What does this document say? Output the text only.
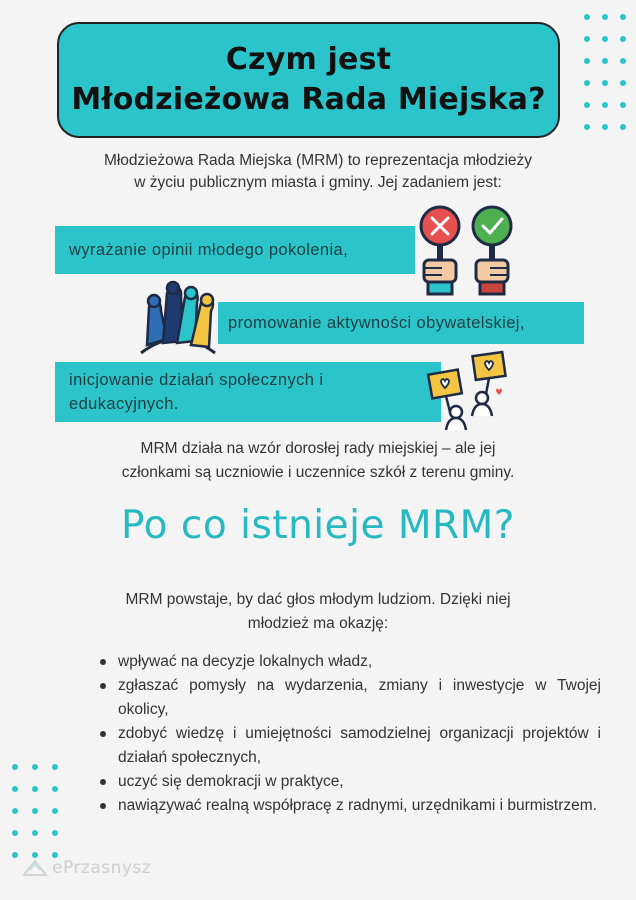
Czym jest
Młodzieżowa Rada Miejska?
Młodzieżowa Rada Miejska (MRM) to reprezentacja młodzieży
w życiu publicznym miasta i gminy. Jej zadaniem jest:
wyrażanie opinii młodego pokolenia,
promowanie aktywności obywatelskiej,
inicjowanie działań społecznych i
edukacyjnych.
MRM działa na wzór dorosłej rady miejskiej – ale jej
członkami są uczniowie i uczennice szkół z terenu gminy.
Po co istnieje MRM?
MRM powstaje, by dać głos młodym ludziom. Dzięki niej
młodzież ma okazję:
wpływać na decyzje lokalnych władz,
zgłaszać pomysły na wydarzenia, zmiany i inwestycje w Twojej okolicy,
zdobyć wiedzę i umiejętności samodzielnej organizacji projektów i działań społecznych,
uczyć się demokracji w praktyce,
nawiązywać realną współpracę z radnymi, urzędnikami i burmistrzem.
ePrzasnysz
